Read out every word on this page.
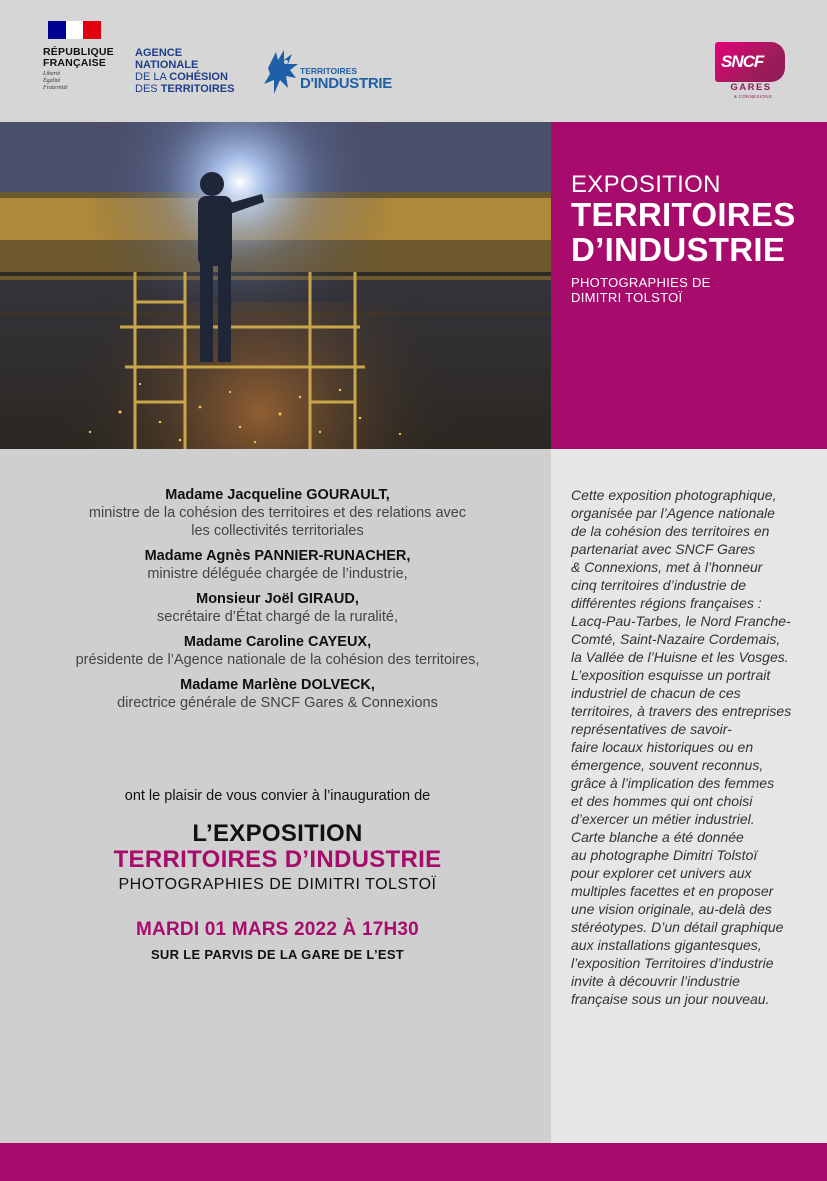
RÉPUBLIQUE
FRANÇAISE
Liberté
Égalité
Fraternité
AGENCE
NATIONALE
DE LA COHÉSION
DES TERRITOIRES
TERRITOIRES
D'INDUSTRIE
SNCF
GARES
& CONNEXIONS
EXPOSITION
TERRITOIRES
D’INDUSTRIE
PHOTOGRAPHIES DE
DIMITRI TOLSTOÏ
Madame Jacqueline GOURAULT,
ministre de la cohésion des territoires et des relations avec
les collectivités territoriales
Madame Agnès PANNIER-RUNACHER,
ministre déléguée chargée de l’industrie,
Monsieur Joël GIRAUD,
secrétaire d’État chargé de la ruralité,
Madame Caroline CAYEUX,
présidente de l’Agence nationale de la cohésion des territoires,
Madame Marlène DOLVECK,
directrice générale de SNCF Gares & Connexions
ont le plaisir de vous convier à l’inauguration de
L’EXPOSITION
TERRITOIRES D’INDUSTRIE
PHOTOGRAPHIES DE DIMITRI TOLSTOÏ
MARDI 01 MARS 2022 À 17H30
SUR LE PARVIS DE LA GARE DE L’EST
Cette exposition photographique,
organisée par l’Agence nationale
de la cohésion des territoires en
partenariat avec SNCF Gares
& Connexions, met à l’honneur
cinq territoires d’industrie de
différentes régions françaises :
Lacq-Pau-Tarbes, le Nord Franche-
Comté, Saint-Nazaire Cordemais,
la Vallée de l’Huisne et les Vosges.
L’exposition esquisse un portrait
industriel de chacun de ces
territoires, à travers des entreprises
représentatives de savoir-
faire locaux historiques ou en
émergence, souvent reconnus,
grâce à l’implication des femmes
et des hommes qui ont choisi
d’exercer un métier industriel.
Carte blanche a été donnée
au photographe Dimitri Tolstoï
pour explorer cet univers aux
multiples facettes et en proposer
une vision originale, au-delà des
stéréotypes. D’un détail graphique
aux installations gigantesques,
l’exposition Territoires d’industrie
invite à découvrir l’industrie
française sous un jour nouveau.
